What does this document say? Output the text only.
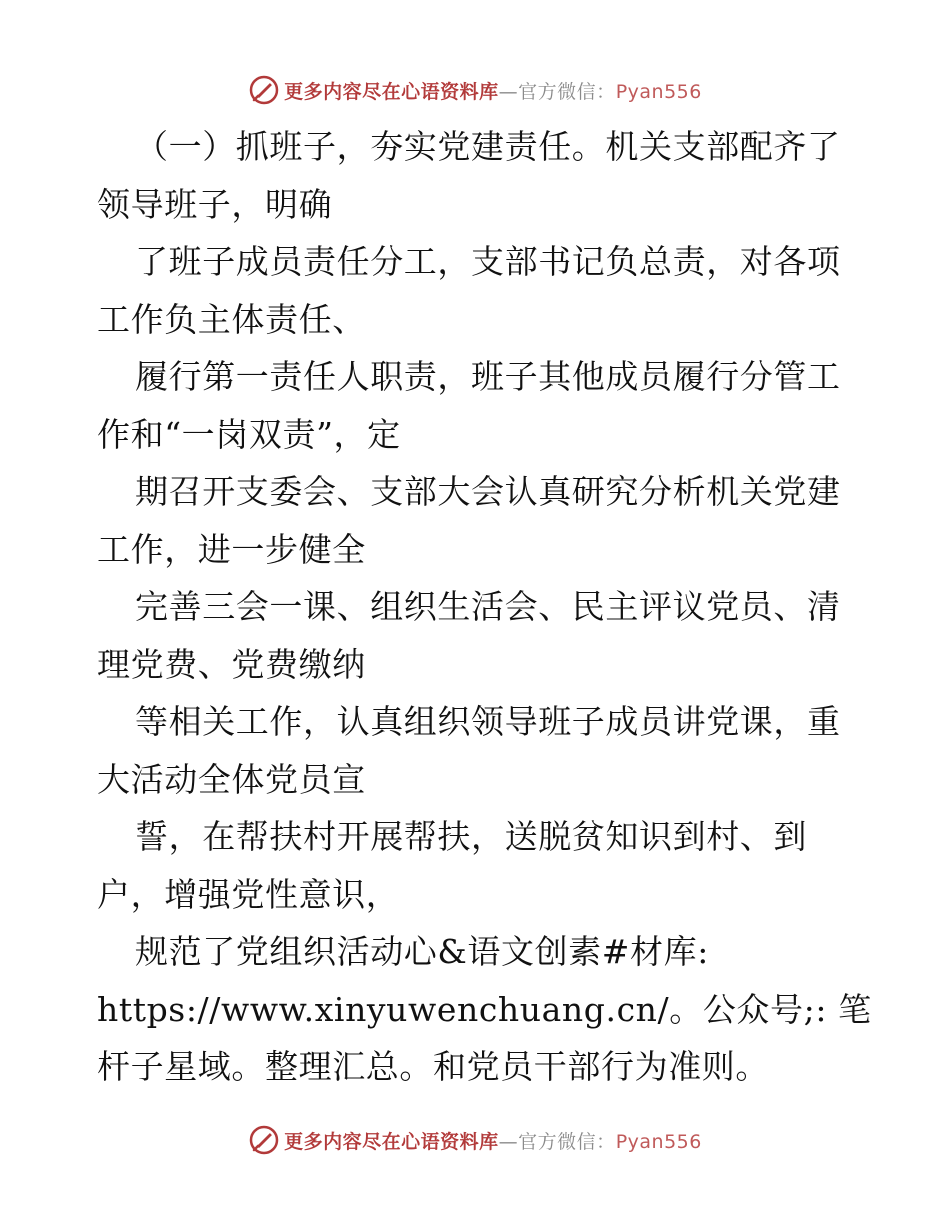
更多内容尽在心语资料库—官方微信：Pyan556
（一）抓班子，夯实党建责任。机关支部配齐了
领导班子，明确
了班子成员责任分工，支部书记负总责，对各项
工作负主体责任、
履行第一责任人职责，班子其他成员履行分管工
作和“一岗双责”，定
期召开支委会、支部大会认真研究分析机关党建
工作，进一步健全
完善三会一课、组织生活会、民主评议党员、清
理党费、党费缴纳
等相关工作，认真组织领导班子成员讲党课，重
大活动全体党员宣
誓，在帮扶村开展帮扶，送脱贫知识到村、到
户，增强党性意识，
规范了党组织活动心&语文创素#材库:
https://www.xinyuwenchuang.cn/。公众号;: 笔
杆子星域。整理汇总。和党员干部行为准则。
更多内容尽在心语资料库—官方微信：Pyan556
